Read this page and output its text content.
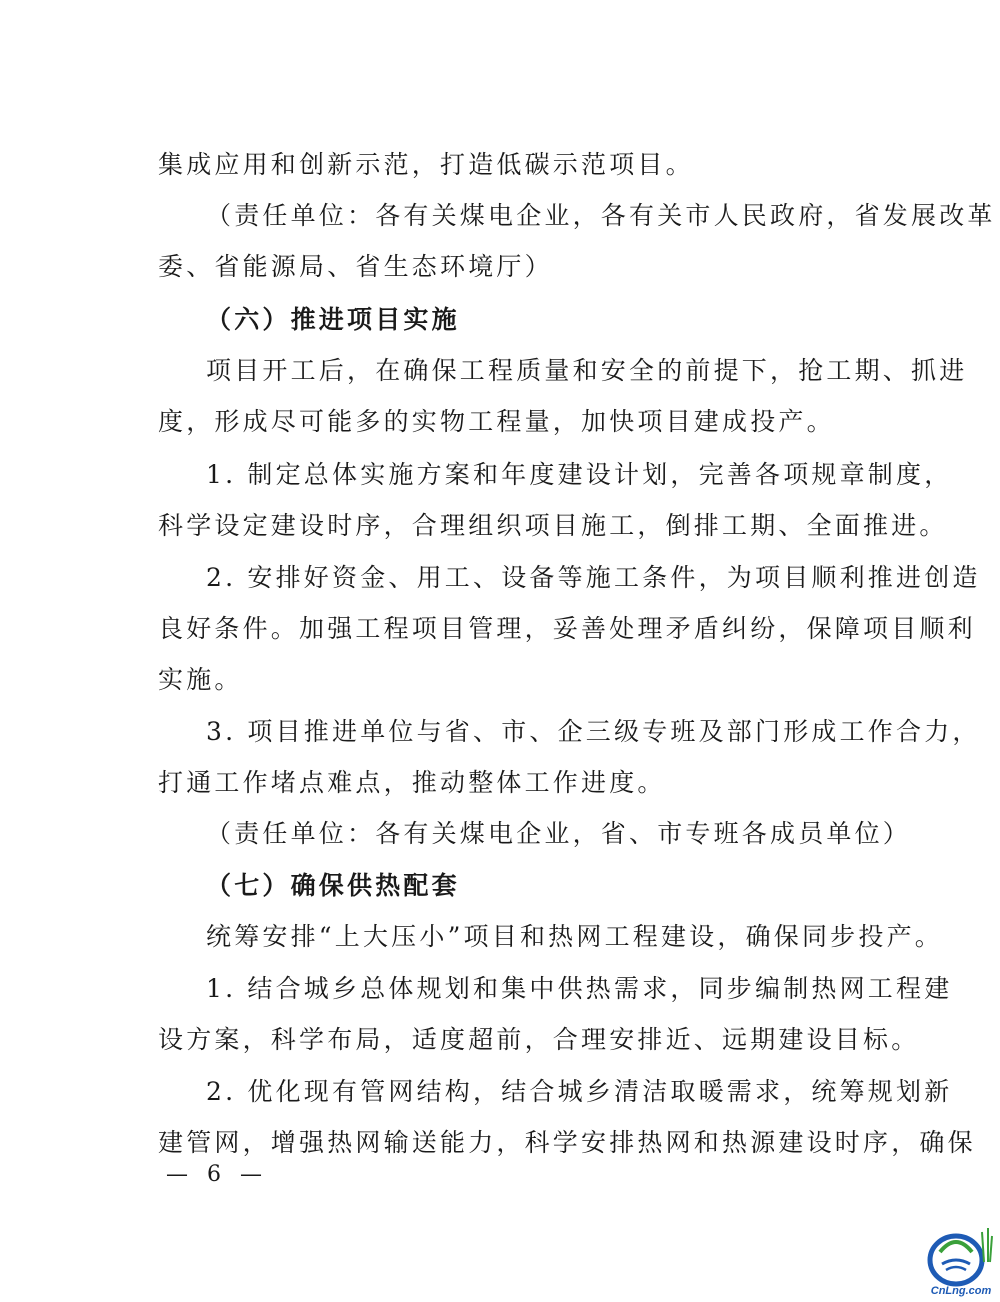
集成应用和创新示范，打造低碳示范项目。
（责任单位：各有关煤电企业，各有关市人民政府，省发展改革
委、省能源局、省生态环境厅）
（六）推进项目实施
项目开工后，在确保工程质量和安全的前提下，抢工期、抓进
度，形成尽可能多的实物工程量，加快项目建成投产。
1. 制定总体实施方案和年度建设计划，完善各项规章制度，
科学设定建设时序，合理组织项目施工，倒排工期、全面推进。
2. 安排好资金、用工、设备等施工条件，为项目顺利推进创造
良好条件。加强工程项目管理，妥善处理矛盾纠纷，保障项目顺利
实施。
3. 项目推进单位与省、市、企三级专班及部门形成工作合力，
打通工作堵点难点，推动整体工作进度。
（责任单位：各有关煤电企业，省、市专班各成员单位）
（七）确保供热配套
统筹安排“上大压小”项目和热网工程建设，确保同步投产。
1. 结合城乡总体规划和集中供热需求，同步编制热网工程建
设方案，科学布局，适度超前，合理安排近、远期建设目标。
2. 优化现有管网结构，结合城乡清洁取暖需求，统筹规划新
建管网，增强热网输送能力，科学安排热网和热源建设时序，确保
— 6 —
CnLng.com
